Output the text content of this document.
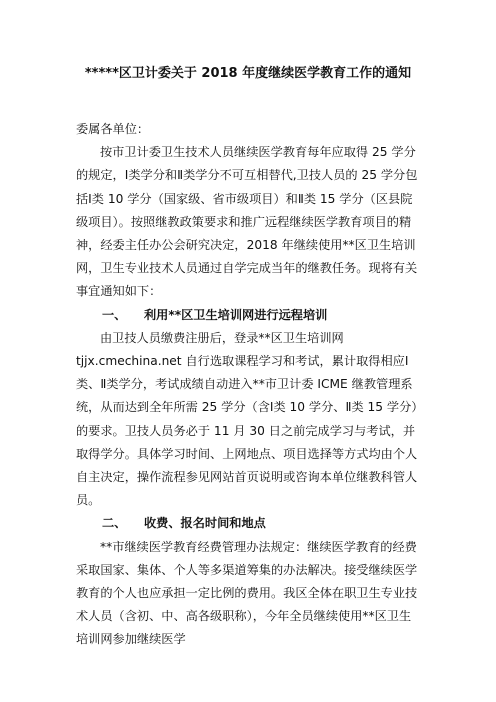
*****区卫计委关于 2018 年度继续医学教育工作的通知

委属各单位：

按市卫计委卫生技术人员继续医学教育每年应取得 25 学分的规定，Ⅰ类学分和Ⅱ类学分不可互相替代,卫技人员的 25 学分包括Ⅰ类 10 学分（国家级、省市级项目）和Ⅱ类 15 学分（区县院级项目）。按照继教政策要求和推广远程继续医学教育项目的精神，经委主任办公会研究决定，2018 年继续使用**区卫生培训网，卫生专业技术人员通过自学完成当年的继教任务。现将有关事宜通知如下：

一、 利用**区卫生培训网进行远程培训

由卫技人员缴费注册后，登录**区卫生培训网

tjjx.cmechina.net 自行选取课程学习和考试，累计取得相应Ⅰ类、Ⅱ类学分，考试成绩自动进入**市卫计委 ICME 继教管理系统，从而达到全年所需 25 学分（含Ⅰ类 10 学分、Ⅱ类 15 学分）的要求。卫技人员务必于 11 月 30 日之前完成学习与考试，并取得学分。具体学习时间、上网地点、项目选择等方式均由个人自主决定，操作流程参见网站首页说明或咨询本单位继教科管人员。

二、 收费、报名时间和地点

**市继续医学教育经费管理办法规定：继续医学教育的经费采取国家、集体、个人等多渠道筹集的办法解决。接受继续医学教育的个人也应承担一定比例的费用。我区全体在职卫生专业技术人员（含初、中、高各级职称），今年全员继续使用**区卫生培训网参加继续医学
